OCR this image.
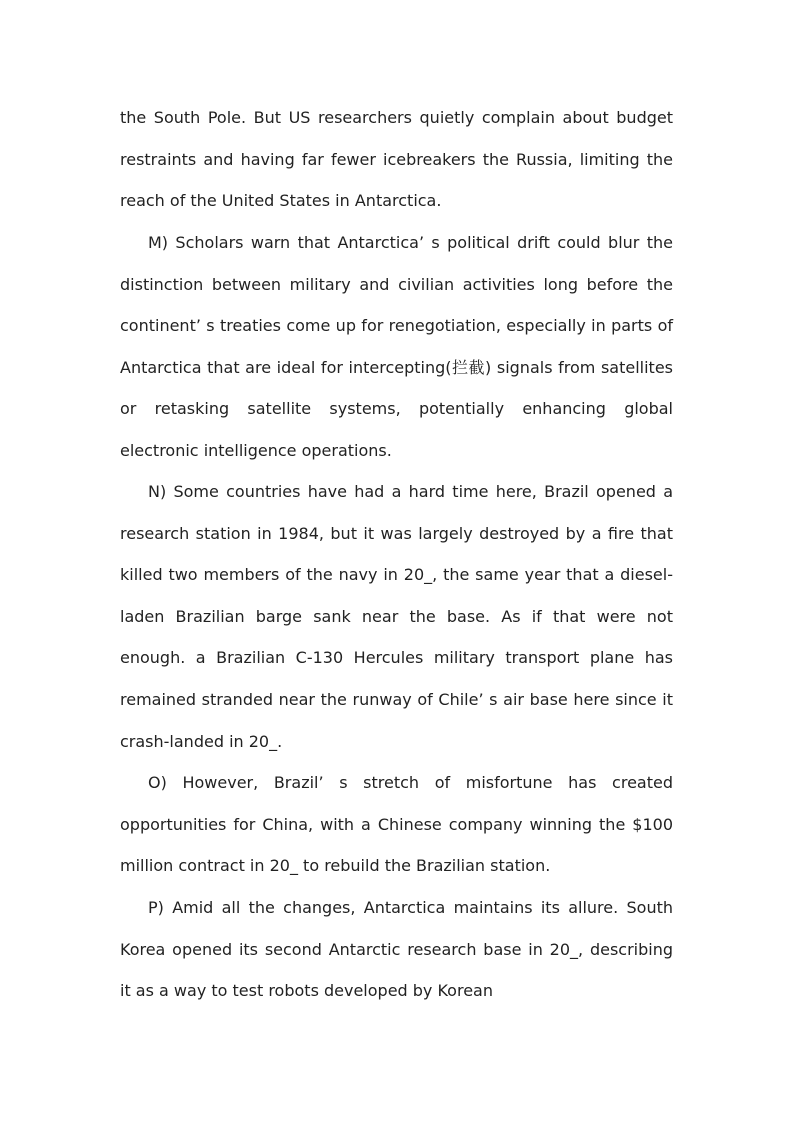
the South Pole. But US researchers quietly complain about budget restraints and having far fewer icebreakers the Russia, limiting the reach of the United States in Antarctica.

M) Scholars warn that Antarctica’ s political drift could blur the distinction between military and civilian activities long before the continent’ s treaties come up for renegotiation, especially in parts of Antarctica that are ideal for intercepting(拦截) signals from satellites or retasking satellite systems, potentially enhancing global electronic intelligence operations.

N) Some countries have had a hard time here, Brazil opened a research station in 1984, but it was largely destroyed by a fire that killed two members of the navy in 20_, the same year that a diesel-laden Brazilian barge sank near the base. As if that were not enough. a Brazilian C-130 Hercules military transport plane has remained stranded near the runway of Chile’ s air base here since it crash-landed in 20_.

O) However, Brazil’ s stretch of misfortune has created opportunities for China, with a Chinese company winning the $100 million contract in 20_ to rebuild the Brazilian station.

P) Amid all the changes, Antarctica maintains its allure. South Korea opened its second Antarctic research base in 20_, describing it as a way to test robots developed by Korean
